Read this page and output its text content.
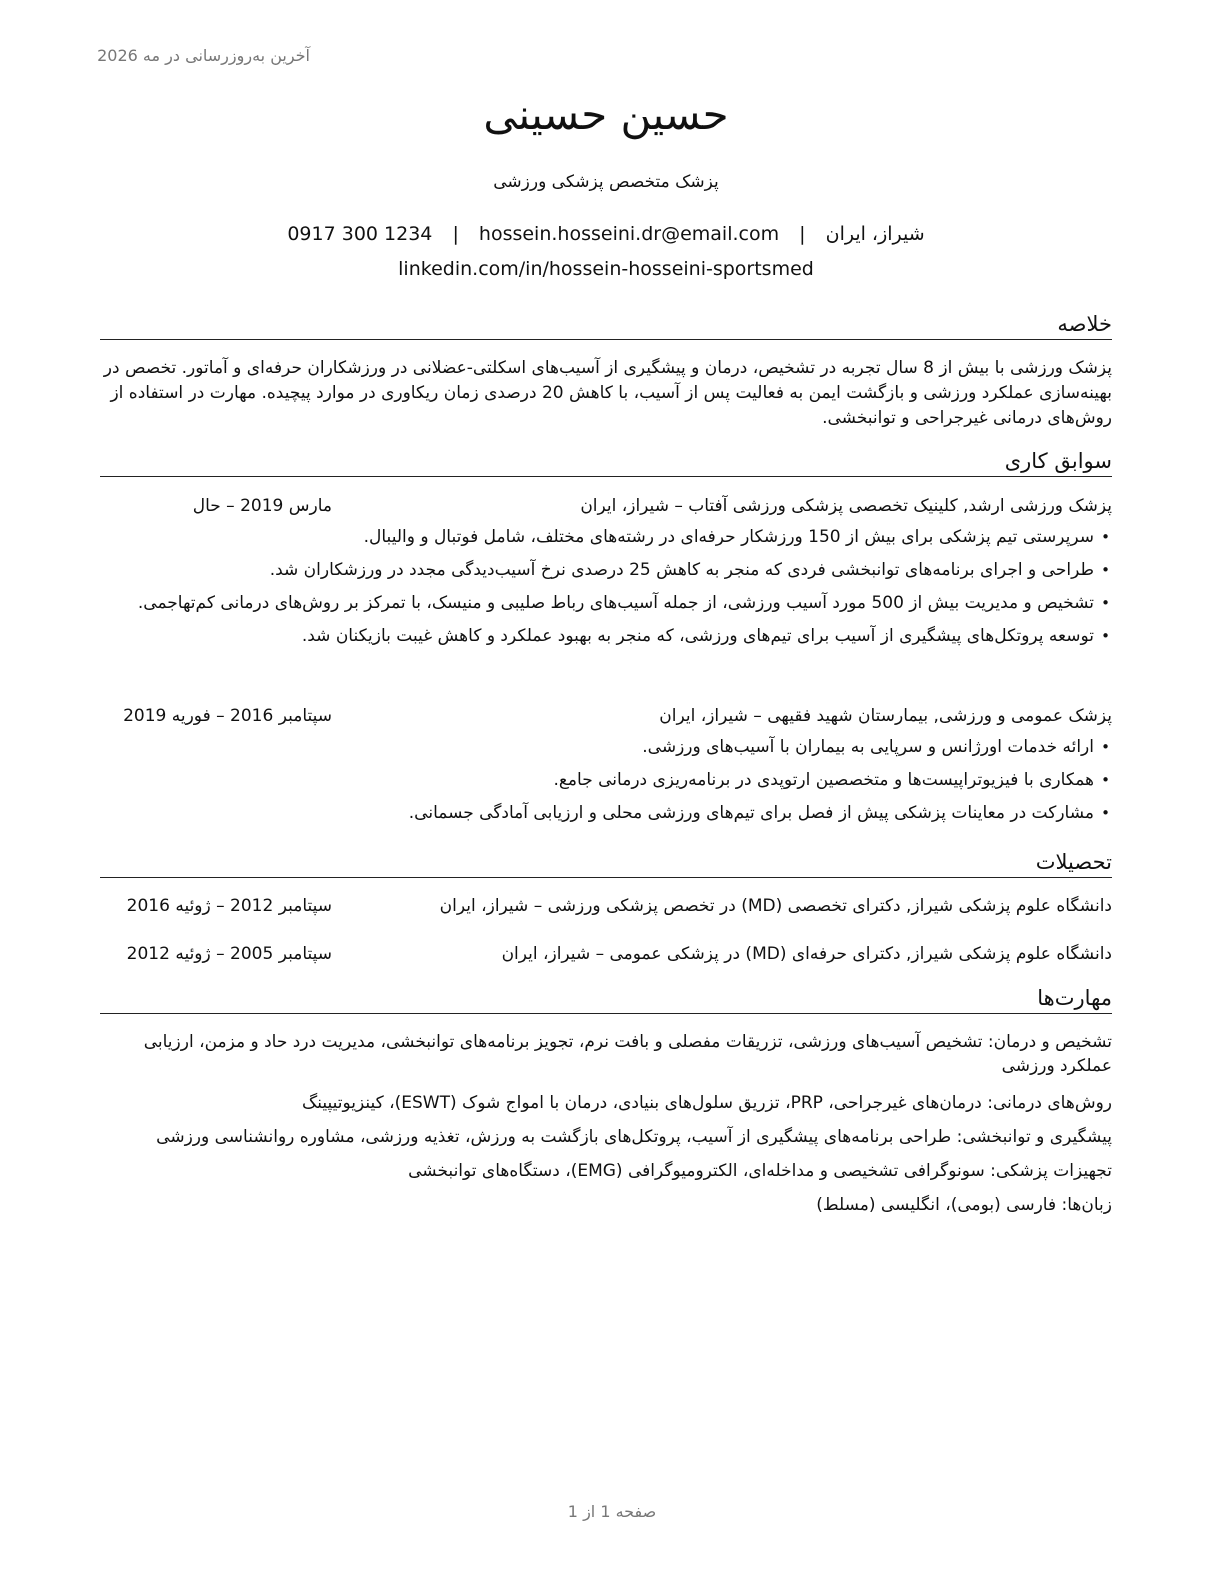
آخرین به‌روزرسانی در مه 2026
حسین حسینی
پزشک متخصص پزشکی ورزشی
شیراز، ایران | hossein.hosseini.dr@email.com | 0917 300 1234
linkedin.com/in/hossein-hosseini-sportsmed
خلاصه
پزشک ورزشی با بیش از 8 سال تجربه در تشخیص، درمان و پیشگیری از آسیب‌های اسکلتی-عضلانی در ورزشکاران حرفه‌ای و آماتور. تخصص در بهینه‌سازی عملکرد ورزشی و بازگشت ایمن به فعالیت پس از آسیب، با کاهش 20 درصدی زمان ریکاوری در موارد پیچیده. مهارت در استفاده از روش‌های درمانی غیرجراحی و توانبخشی.
سوابق کاری
پزشک ورزشی ارشد, کلینیک تخصصی پزشکی ورزشی آفتاب – شیراز، ایران
مارس 2019 – حال
• سرپرستی تیم پزشکی برای بیش از 150 ورزشکار حرفه‌ای در رشته‌های مختلف، شامل فوتبال و والیبال.
• طراحی و اجرای برنامه‌های توانبخشی فردی که منجر به کاهش 25 درصدی نرخ آسیب‌دیدگی مجدد در ورزشکاران شد.
• تشخیص و مدیریت بیش از 500 مورد آسیب ورزشی، از جمله آسیب‌های رباط صلیبی و منیسک، با تمرکز بر روش‌های درمانی کم‌تهاجمی.
• توسعه پروتکل‌های پیشگیری از آسیب برای تیم‌های ورزشی، که منجر به بهبود عملکرد و کاهش غیبت بازیکنان شد.
پزشک عمومی و ورزشی, بیمارستان شهید فقیهی – شیراز، ایران
سپتامبر 2016 – فوریه 2019
• ارائه خدمات اورژانس و سرپایی به بیماران با آسیب‌های ورزشی.
• همکاری با فیزیوتراپیست‌ها و متخصصین ارتوپدی در برنامه‌ریزی درمانی جامع.
• مشارکت در معاینات پزشکی پیش از فصل برای تیم‌های ورزشی محلی و ارزیابی آمادگی جسمانی.
تحصیلات
دانشگاه علوم پزشکی شیراز, دکترای تخصصی (MD) در تخصص پزشکی ورزشی – شیراز، ایران
سپتامبر 2012 – ژوئیه 2016
دانشگاه علوم پزشکی شیراز, دکترای حرفه‌ای (MD) در پزشکی عمومی – شیراز، ایران
سپتامبر 2005 – ژوئیه 2012
مهارت‌ها
تشخیص و درمان: تشخیص آسیب‌های ورزشی، تزریقات مفصلی و بافت نرم، تجویز برنامه‌های توانبخشی، مدیریت درد حاد و مزمن، ارزیابی عملکرد ورزشی
روش‌های درمانی: درمان‌های غیرجراحی، PRP، تزریق سلول‌های بنیادی، درمان با امواج شوک (ESWT)، کینزیوتیپینگ
پیشگیری و توانبخشی: طراحی برنامه‌های پیشگیری از آسیب، پروتکل‌های بازگشت به ورزش، تغذیه ورزشی، مشاوره روانشناسی ورزشی
تجهیزات پزشکی: سونوگرافی تشخیصی و مداخله‌ای، الکترومیوگرافی (EMG)، دستگاه‌های توانبخشی
زبان‌ها: فارسی (بومی)، انگلیسی (مسلط)
صفحه 1 از 1
